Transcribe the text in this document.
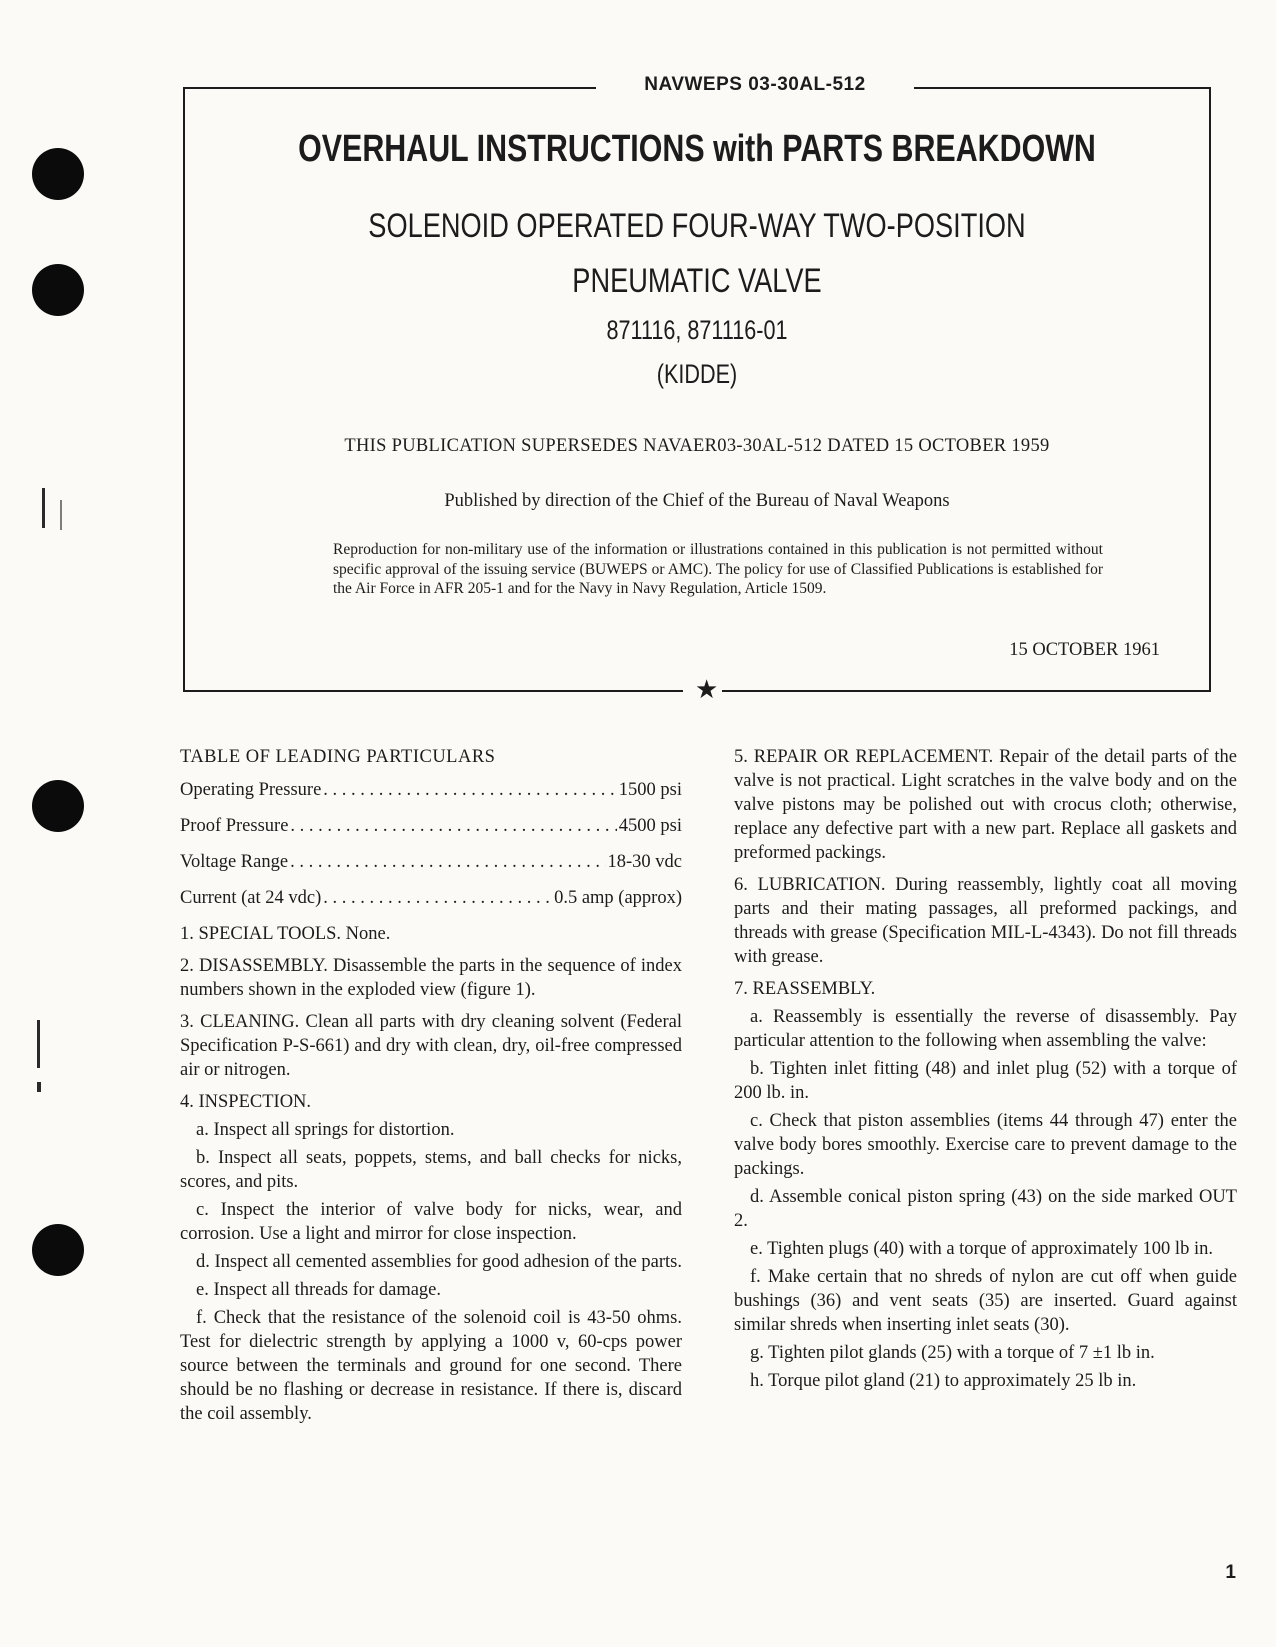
NAVWEPS 03-30AL-512
OVERHAUL INSTRUCTIONS with PARTS BREAKDOWN
SOLENOID OPERATED FOUR-WAY TWO-POSITION
PNEUMATIC VALVE
871116, 871116-01
(KIDDE)
THIS PUBLICATION SUPERSEDES NAVAER03-30AL-512 DATED 15 OCTOBER 1959
Published by direction of the Chief of the Bureau of Naval Weapons
Reproduction for non-military use of the information or illustrations contained in this publication is not permitted without specific approval of the issuing service (BUWEPS or AMC). The policy for use of Classified Publications is established for the Air Force in AFR 205-1 and for the Navy in Navy Regulation, Article 1509.
15 OCTOBER 1961
★

TABLE OF LEADING PARTICULARS

Operating Pressure . . .	1500 psi
Proof Pressure . . .	4500 psi
Voltage Range . . .	18-30 vdc
Current (at 24 vdc) . . .	0.5 amp (approx)

1. SPECIAL TOOLS. None.

2. DISASSEMBLY. Disassemble the parts in the sequence of index numbers shown in the exploded view (figure 1).

3. CLEANING. Clean all parts with dry cleaning solvent (Federal Specification P-S-661) and dry with clean, dry, oil-free compressed air or nitrogen.

4. INSPECTION.

a. Inspect all springs for distortion.

b. Inspect all seats, poppets, stems, and ball checks for nicks, scores, and pits.

c. Inspect the interior of valve body for nicks, wear, and corrosion. Use a light and mirror for close inspection.

d. Inspect all cemented assemblies for good adhesion of the parts.

e. Inspect all threads for damage.

f. Check that the resistance of the solenoid coil is 43-50 ohms. Test for dielectric strength by applying a 1000 v, 60-cps power source between the terminals and ground for one second. There should be no flashing or decrease in resistance. If there is, discard the coil assembly.

5. REPAIR OR REPLACEMENT. Repair of the detail parts of the valve is not practical. Light scratches in the valve body and on the valve pistons may be polished out with crocus cloth; otherwise, replace any defective part with a new part. Replace all gaskets and preformed packings.

6. LUBRICATION. During reassembly, lightly coat all moving parts and their mating passages, all preformed packings, and threads with grease (Specification MIL-L-4343). Do not fill threads with grease.

7. REASSEMBLY.

a. Reassembly is essentially the reverse of disassembly. Pay particular attention to the following when assembling the valve:

b. Tighten inlet fitting (48) and inlet plug (52) with a torque of 200 lb. in.

c. Check that piston assemblies (items 44 through 47) enter the valve body bores smoothly. Exercise care to prevent damage to the packings.

d. Assemble conical piston spring (43) on the side marked OUT 2.

e. Tighten plugs (40) with a torque of approximately 100 lb in.

f. Make certain that no shreds of nylon are cut off when guide bushings (36) and vent seats (35) are inserted. Guard against similar shreds when inserting inlet seats (30).

g. Tighten pilot glands (25) with a torque of 7 ±1 lb in.

h. Torque pilot gland (21) to approximately 25 lb in.

1
